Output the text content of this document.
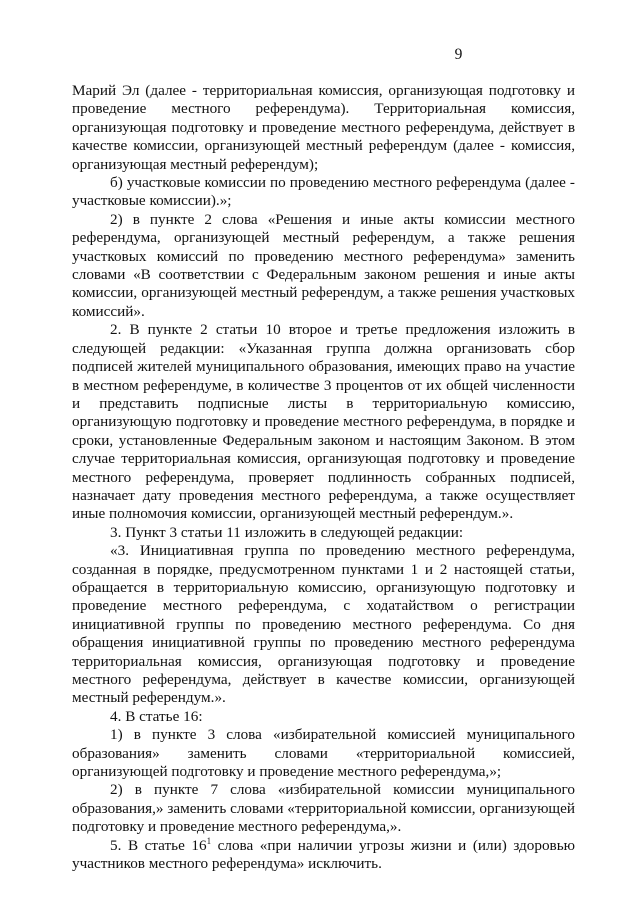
9

Марий Эл (далее - территориальная комиссия, организующая подготовку и проведение местного референдума). Территориальная комиссия, организующая подготовку и проведение местного референдума, действует в качестве комиссии, организующей местный референдум (далее - комиссия, организующая местный референдум);

б) участковые комиссии по проведению местного референдума (далее - участковые комиссии).»;

2) в пункте 2 слова «Решения и иные акты комиссии местного референдума, организующей местный референдум, а также решения участковых комиссий по проведению местного референдума» заменить словами «В соответствии с Федеральным законом решения и иные акты комиссии, организующей местный референдум, а также решения участковых комиссий».

2. В пункте 2 статьи 10 второе и третье предложения изложить в следующей редакции: «Указанная группа должна организовать сбор подписей жителей муниципального образования, имеющих право на участие в местном референдуме, в количестве 3 процентов от их общей численности и представить подписные листы в территориальную комиссию, организующую подготовку и проведение местного референдума, в порядке и сроки, установленные Федеральным законом и настоящим Законом. В этом случае территориальная комиссия, организующая подготовку и проведение местного референдума, проверяет подлинность собранных подписей, назначает дату проведения местного референдума, а также осуществляет иные полномочия комиссии, организующей местный референдум.».

3. Пункт 3 статьи 11 изложить в следующей редакции:

«3. Инициативная группа по проведению местного референдума, созданная в порядке, предусмотренном пунктами 1 и 2 настоящей статьи, обращается в территориальную комиссию, организующую подготовку и проведение местного референдума, с ходатайством о регистрации инициативной группы по проведению местного референдума. Со дня обращения инициативной группы по проведению местного референдума территориальная комиссия, организующая подготовку и проведение местного референдума, действует в качестве комиссии, организующей местный референдум.».

4. В статье 16:

1) в пункте 3 слова «избирательной комиссией муниципального образования» заменить словами «территориальной комиссией, организующей подготовку и проведение местного референдума,»;

2) в пункте 7 слова «избирательной комиссии муниципального образования,» заменить словами «территориальной комиссии, организующей подготовку и проведение местного референдума,».

5. В статье $16^1$ слова «при наличии угрозы жизни и (или) здоровью участников местного референдума» исключить.
